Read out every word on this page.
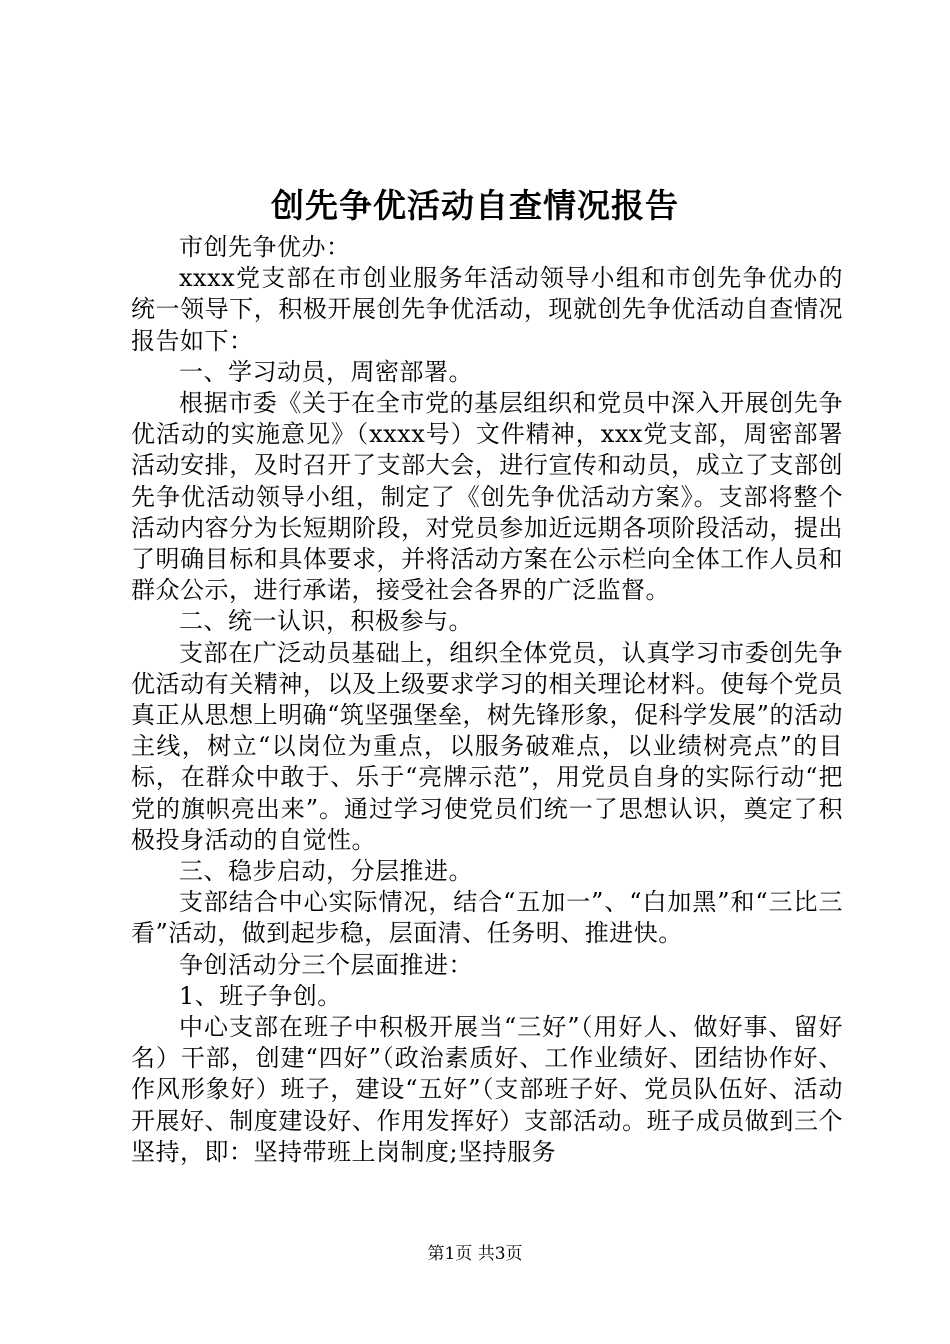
创先争优活动自查情况报告

市创先争优办：

xxxx党支部在市创业服务年活动领导小组和市创先争优办的统一领导下，积极开展创先争优活动，现就创先争优活动自查情况报告如下：

一、学习动员，周密部署。

根据市委《关于在全市党的基层组织和党员中深入开展创先争优活动的实施意见》（xxxx号）文件精神，xxx党支部，周密部署活动安排，及时召开了支部大会，进行宣传和动员，成立了支部创先争优活动领导小组，制定了《创先争优活动方案》。支部将整个活动内容分为长短期阶段，对党员参加近远期各项阶段活动，提出了明确目标和具体要求，并将活动方案在公示栏向全体工作人员和群众公示，进行承诺，接受社会各界的广泛监督。

二、统一认识，积极参与。

支部在广泛动员基础上，组织全体党员，认真学习市委创先争优活动有关精神，以及上级要求学习的相关理论材料。使每个党员真正从思想上明确“筑坚强堡垒，树先锋形象，促科学发展”的活动主线，树立“以岗位为重点，以服务破难点，以业绩树亮点”的目标，在群众中敢于、乐于“亮牌示范”，用党员自身的实际行动“把党的旗帜亮出来”。通过学习使党员们统一了思想认识，奠定了积极投身活动的自觉性。

三、稳步启动，分层推进。

支部结合中心实际情况，结合“五加一”、“白加黑”和“三比三看”活动，做到起步稳，层面清、任务明、推进快。

争创活动分三个层面推进：

1、班子争创。

中心支部在班子中积极开展当“三好”（用好人、做好事、留好名）干部，创建“四好”（政治素质好、工作业绩好、团结协作好、作风形象好）班子，建设“五好”（支部班子好、党员队伍好、活动开展好、制度建设好、作用发挥好）支部活动。班子成员做到三个坚持，即：坚持带班上岗制度;坚持服务

第1页 共3页
